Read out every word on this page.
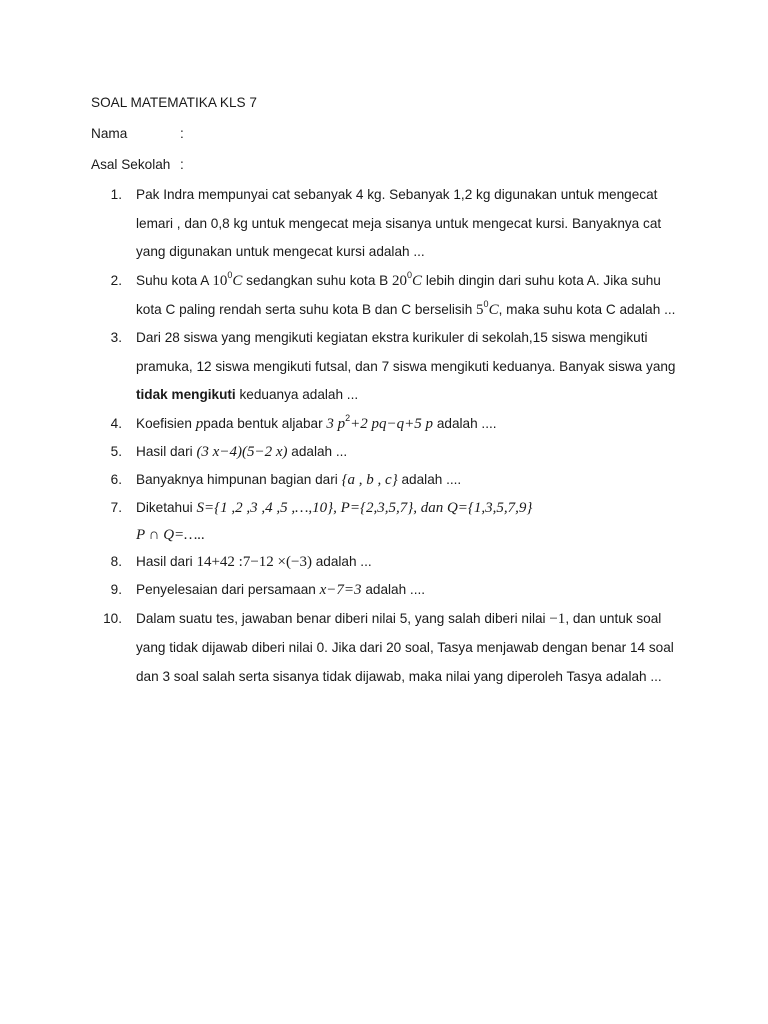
SOAL MATEMATIKA KLS 7
Nama	:
Asal Sekolah :
1. Pak Indra mempunyai cat sebanyak 4 kg. Sebanyak 1,2 kg digunakan untuk mengecat
lemari , dan 0,8 kg untuk mengecat meja sisanya untuk mengecat kursi. Banyaknya cat
yang digunakan untuk mengecat kursi adalah ...
2. Suhu kota A $10^0C$ sedangkan suhu kota B $20^0C$ lebih dingin dari suhu kota A. Jika suhu
kota C paling rendah serta suhu kota B dan C berselisih $5^0C$, maka suhu kota C adalah ...
3. Dari 28 siswa yang mengikuti kegiatan ekstra kurikuler di sekolah,15 siswa mengikuti
pramuka, 12 siswa mengikuti futsal, dan 7 siswa mengikuti keduanya. Banyak siswa yang
tidak mengikuti keduanya adalah ...
4. Koefisien ppada bentuk aljabar 3 $p^2+2$ pq−q+5 p adalah ....
5. Hasil dari (3 x−4)(5−2 x) adalah ...
6. Banyaknya himpunan bagian dari {a , b , c} adalah ....
7. Diketahui S={1 ,2 ,3 ,4 ,5 ,…,10}, P={2,3,5,7}, dan Q={1,3,5,7,9}
P ∩ Q=…..
8. Hasil dari 14+42 :7−12 ×(−3) adalah ...
9. Penyelesaian dari persamaan x−7=3 adalah ....
10. Dalam suatu tes, jawaban benar diberi nilai 5, yang salah diberi nilai −1, dan untuk soal
yang tidak dijawab diberi nilai 0. Jika dari 20 soal, Tasya menjawab dengan benar 14 soal
dan 3 soal salah serta sisanya tidak dijawab, maka nilai yang diperoleh Tasya adalah ...
